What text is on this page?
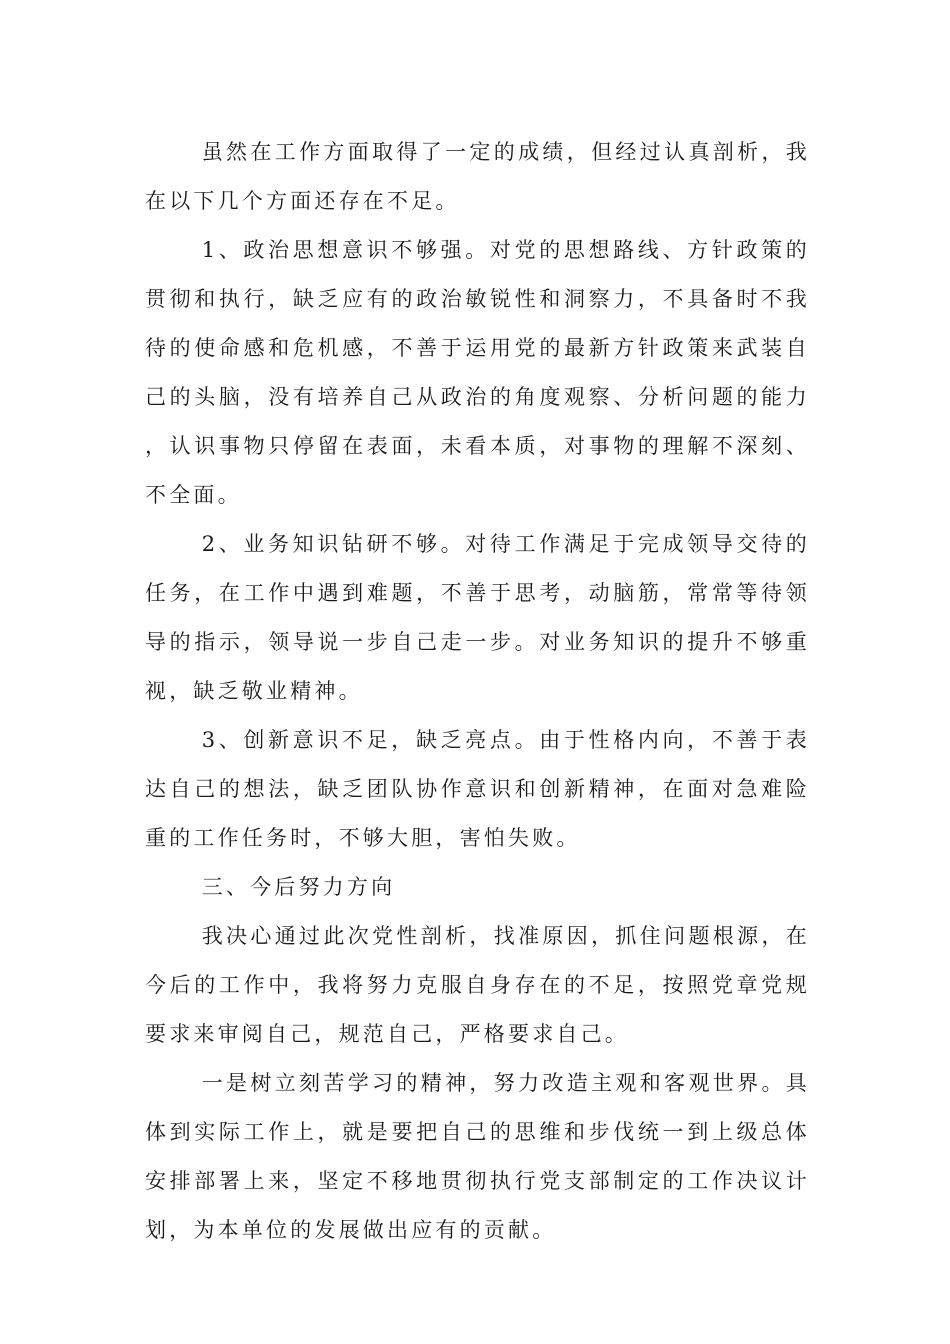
虽然在工作方面取得了一定的成绩，但经过认真剖析，我在以下几个方面还存在不足。

1、政治思想意识不够强。对党的思想路线、方针政策的贯彻和执行，缺乏应有的政治敏锐性和洞察力，不具备时不我待的使命感和危机感，不善于运用党的最新方针政策来武装自己的头脑，没有培养自己从政治的角度观察、分析问题的能力，认识事物只停留在表面，未看本质，对事物的理解不深刻、不全面。

2、业务知识钻研不够。对待工作满足于完成领导交待的任务，在工作中遇到难题，不善于思考，动脑筋，常常等待领导的指示，领导说一步自己走一步。对业务知识的提升不够重视，缺乏敬业精神。

3、创新意识不足，缺乏亮点。由于性格内向，不善于表达自己的想法，缺乏团队协作意识和创新精神，在面对急难险重的工作任务时，不够大胆，害怕失败。

三、今后努力方向

我决心通过此次党性剖析，找准原因，抓住问题根源，在今后的工作中，我将努力克服自身存在的不足，按照党章党规要求来审阅自己，规范自己，严格要求自己。

一是树立刻苦学习的精神，努力改造主观和客观世界。具体到实际工作上，就是要把自己的思维和步伐统一到上级总体安排部署上来，坚定不移地贯彻执行党支部制定的工作决议计划，为本单位的发展做出应有的贡献。
